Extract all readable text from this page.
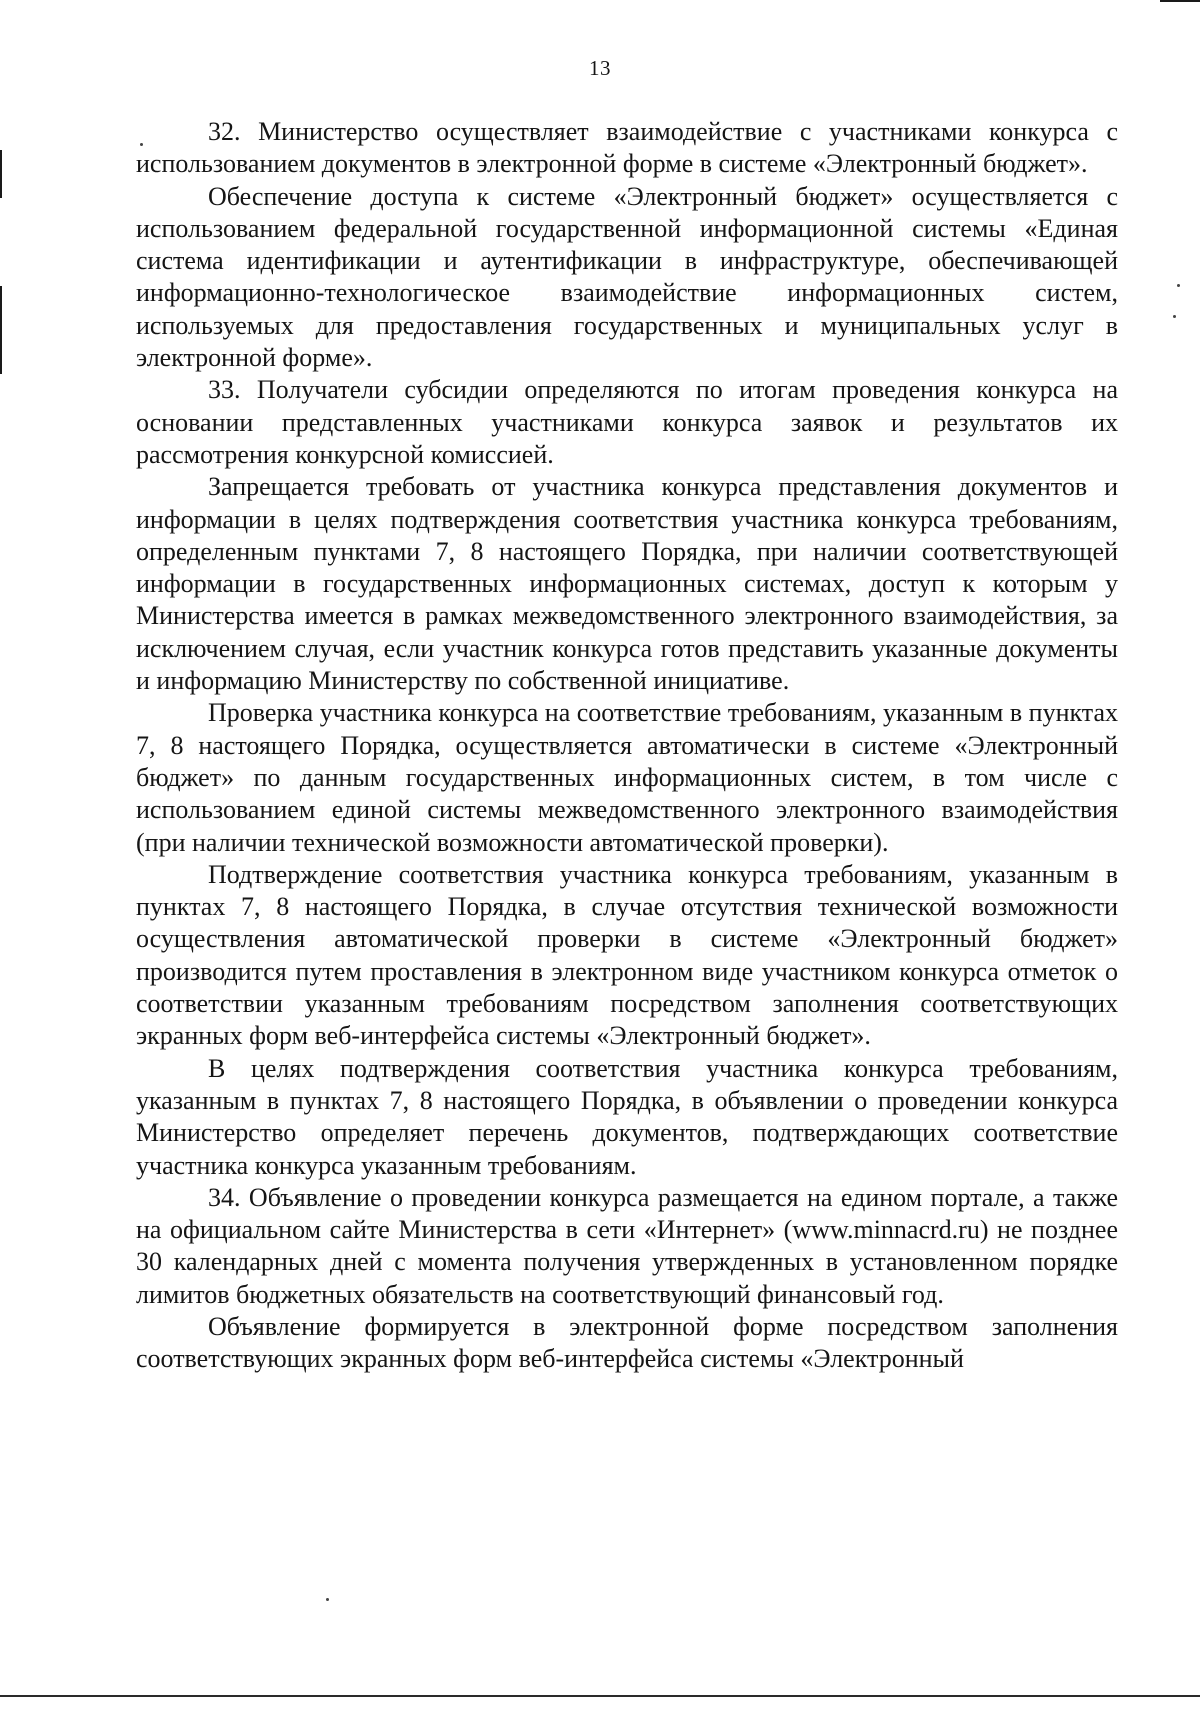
13

32. Министерство осуществляет взаимодействие с участниками конкурса с использованием документов в электронной форме в системе «Электронный бюджет».

Обеспечение доступа к системе «Электронный бюджет» осуществляется с использованием федеральной государственной информационной системы «Единая система идентификации и аутентификации в инфраструктуре, обеспечивающей информационно-технологическое взаимодействие информационных систем, используемых для предоставления государственных и муниципальных услуг в электронной форме».

33. Получатели субсидии определяются по итогам проведения конкурса на основании представленных участниками конкурса заявок и результатов их рассмотрения конкурсной комиссией.

Запрещается требовать от участника конкурса представления документов и информации в целях подтверждения соответствия участника конкурса требованиям, определенным пунктами 7, 8 настоящего Порядка, при наличии соответствующей информации в государственных информационных системах, доступ к которым у Министерства имеется в рамках межведомственного электронного взаимодействия, за исключением случая, если участник конкурса готов представить указанные документы и информацию Министерству по собственной инициативе.

Проверка участника конкурса на соответствие требованиям, указанным в пунктах 7, 8 настоящего Порядка, осуществляется автоматически в системе «Электронный бюджет» по данным государственных информационных систем, в том числе с использованием единой системы межведомственного электронного взаимодействия (при наличии технической возможности автоматической проверки).

Подтверждение соответствия участника конкурса требованиям, указанным в пунктах 7, 8 настоящего Порядка, в случае отсутствия технической возможности осуществления автоматической проверки в системе «Электронный бюджет» производится путем проставления в электронном виде участником конкурса отметок о соответствии указанным требованиям посредством заполнения соответствующих экранных форм веб-интерфейса системы «Электронный бюджет».

В целях подтверждения соответствия участника конкурса требованиям, указанным в пунктах 7, 8 настоящего Порядка, в объявлении о проведении конкурса Министерство определяет перечень документов, подтверждающих соответствие участника конкурса указанным требованиям.

34. Объявление о проведении конкурса размещается на едином портале, а также на официальном сайте Министерства в сети «Интернет» (www.minnacrd.ru) не позднее 30 календарных дней с момента получения утвержденных в установленном порядке лимитов бюджетных обязательств на соответствующий финансовый год.

Объявление формируется в электронной форме посредством заполнения соответствующих экранных форм веб-интерфейса системы «Электронный
